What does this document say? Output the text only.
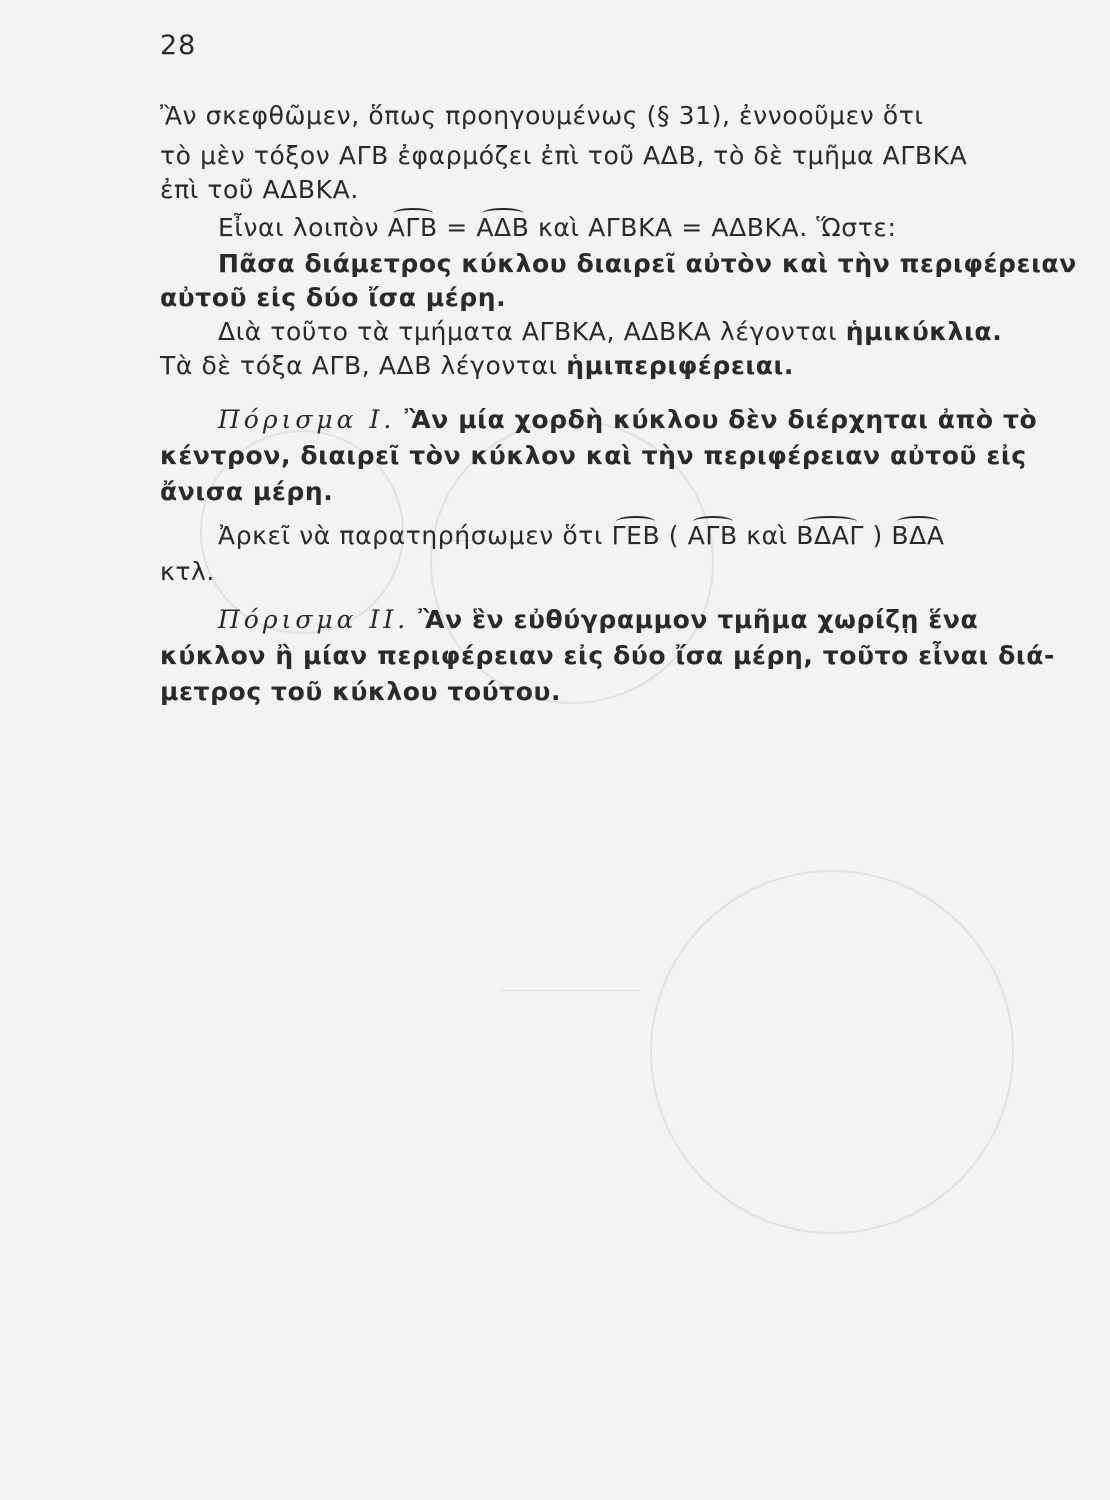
28
Ἂν σκεφθῶμεν, ὅπως προηγουμένως (§ 31), ἐννοοῦμεν ὅτι
τὸ μὲν τόξον ΑΓΒ ἐφαρμόζει ἐπὶ τοῦ ΑΔΒ, τὸ δὲ τμῆμα ΑΓΒΚΑ
ἐπὶ τοῦ ΑΔΒΚΑ.
Εἶναι λοιπὸν ΑΓΒ = ΑΔΒ καὶ ΑΓΒΚΑ = ΑΔΒΚΑ. Ὥστε:
Πᾶσα διάμετρος κύκλου διαιρεῖ αὐτὸν καὶ τὴν περιφέρειαν
αὐτοῦ εἰς δύο ἴσα μέρη.
Διὰ τοῦτο τὰ τμήματα ΑΓΒΚΑ, ΑΔΒΚΑ λέγονται ἡμικύκλια.
Τὰ δὲ τόξα ΑΓΒ, ΑΔΒ λέγονται ἡμιπεριφέρειαι.
Πόρισμα I. Ἂν μία χορδὴ κύκλου δὲν διέρχηται ἀπὸ τὸ
κέντρον, διαιρεῖ τὸν κύκλον καὶ τὴν περιφέρειαν αὐτοῦ εἰς
ἄνισα μέρη.
Ἀρκεῖ νὰ παρατηρήσωμεν ὅτι ΓΕΒ ( ΑΓΒ καὶ ΒΔΑΓ ) ΒΔΑ
κτλ.
Πόρισμα II. Ἂν ἓν εὐθύγραμμον τμῆμα χωρίζῃ ἕνα
κύκλον ἢ μίαν περιφέρειαν εἰς δύο ἴσα μέρη, τοῦτο εἶναι διά-
μετρος τοῦ κύκλου τούτου.
